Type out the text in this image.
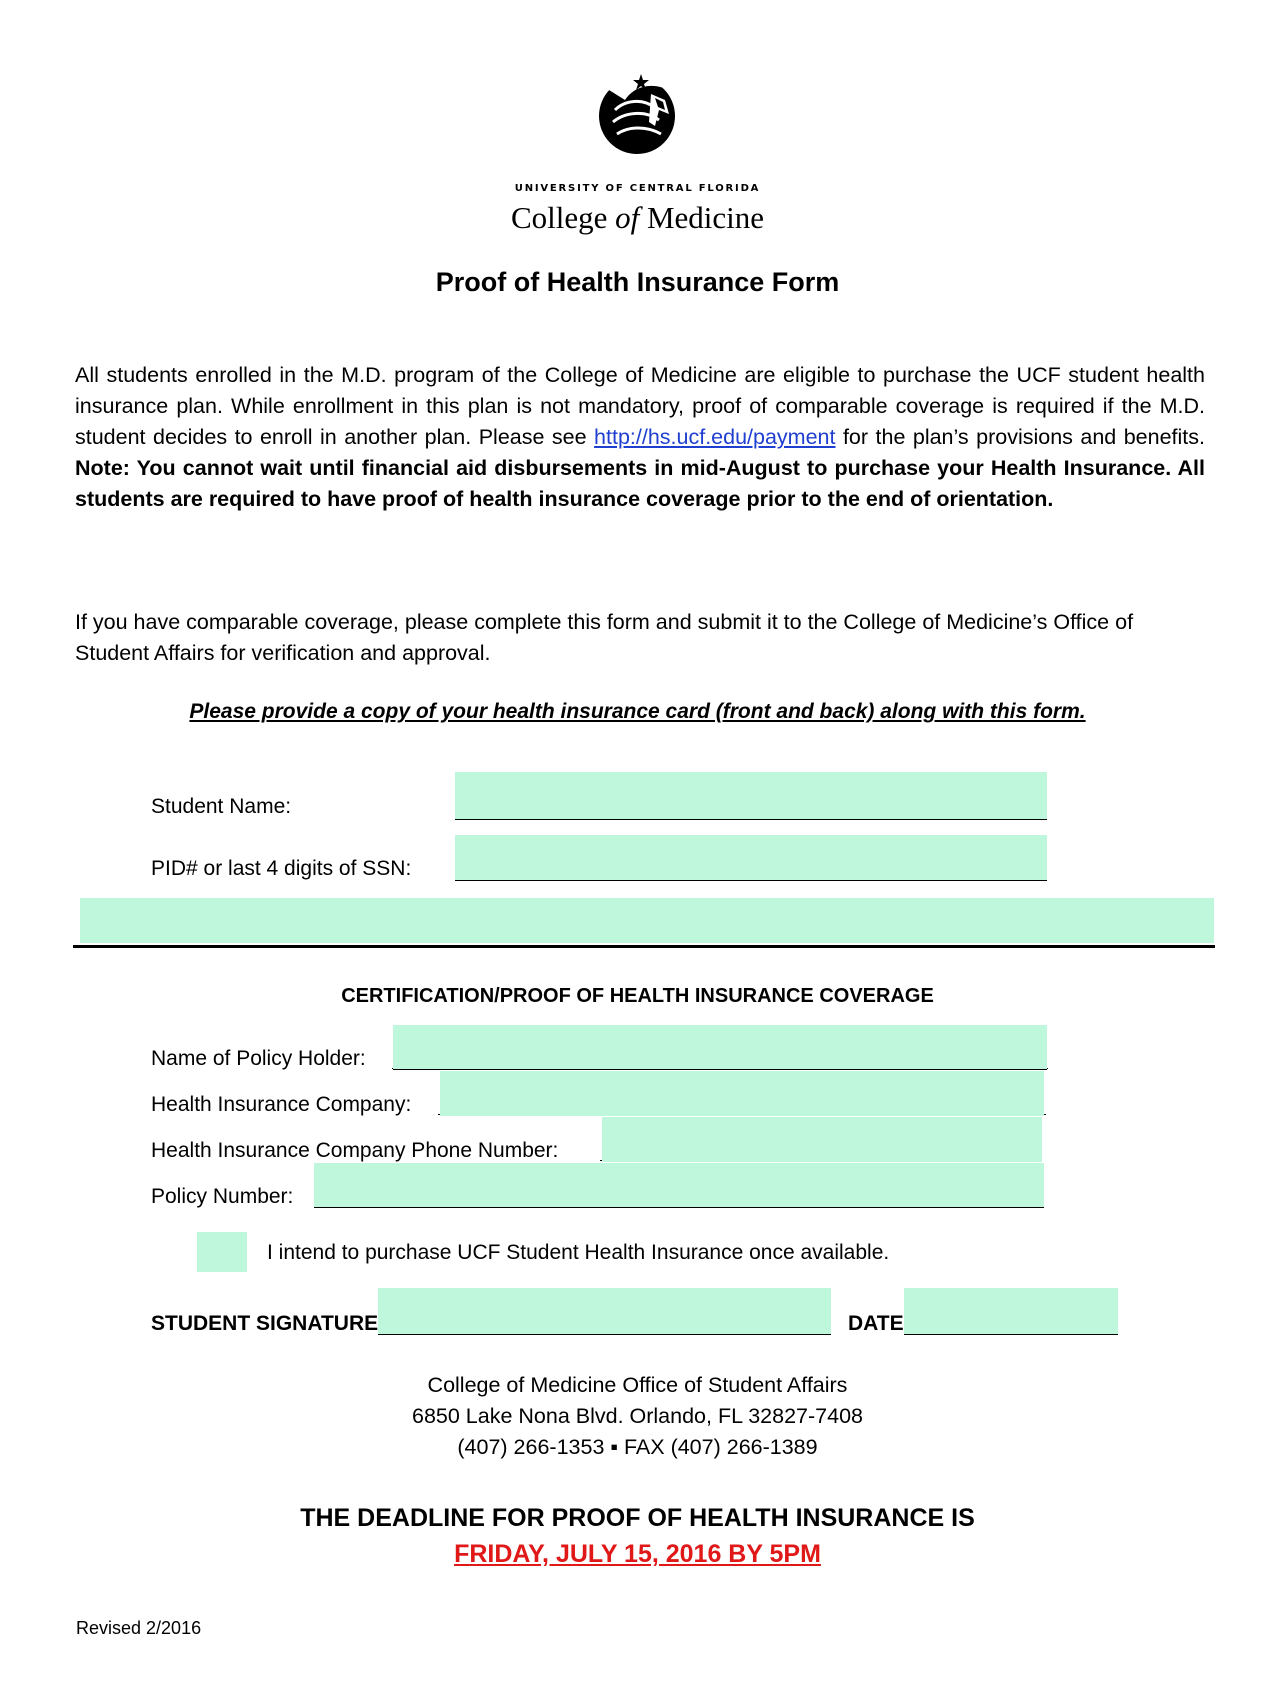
UNIVERSITY OF CENTRAL FLORIDA
College of Medicine
Proof of Health Insurance Form
All students enrolled in the M.D. program of the College of Medicine are eligible to purchase the UCF student health insurance plan. While enrollment in this plan is not mandatory, proof of comparable coverage is required if the M.D. student decides to enroll in another plan. Please see http://hs.ucf.edu/payment for the plan’s provisions and benefits. Note: You cannot wait until financial aid disbursements in mid-August to purchase your Health Insurance. All students are required to have proof of health insurance coverage prior to the end of orientation.
If you have comparable coverage, please complete this form and submit it to the College of Medicine’s Office of Student Affairs for verification and approval.
Please provide a copy of your health insurance card (front and back) along with this form.
Student Name:
PID# or last 4 digits of SSN:
CERTIFICATION/PROOF OF HEALTH INSURANCE COVERAGE
Name of Policy Holder:
Health Insurance Company:
Health Insurance Company Phone Number:
Policy Number:
I intend to purchase UCF Student Health Insurance once available.
STUDENT SIGNATURE	DATE
College of Medicine Office of Student Affairs
6850 Lake Nona Blvd. Orlando, FL 32827-7408
(407) 266-1353 ▪ FAX (407) 266-1389
THE DEADLINE FOR PROOF OF HEALTH INSURANCE IS
FRIDAY, JULY 15, 2016 BY 5PM
Revised 2/2016
